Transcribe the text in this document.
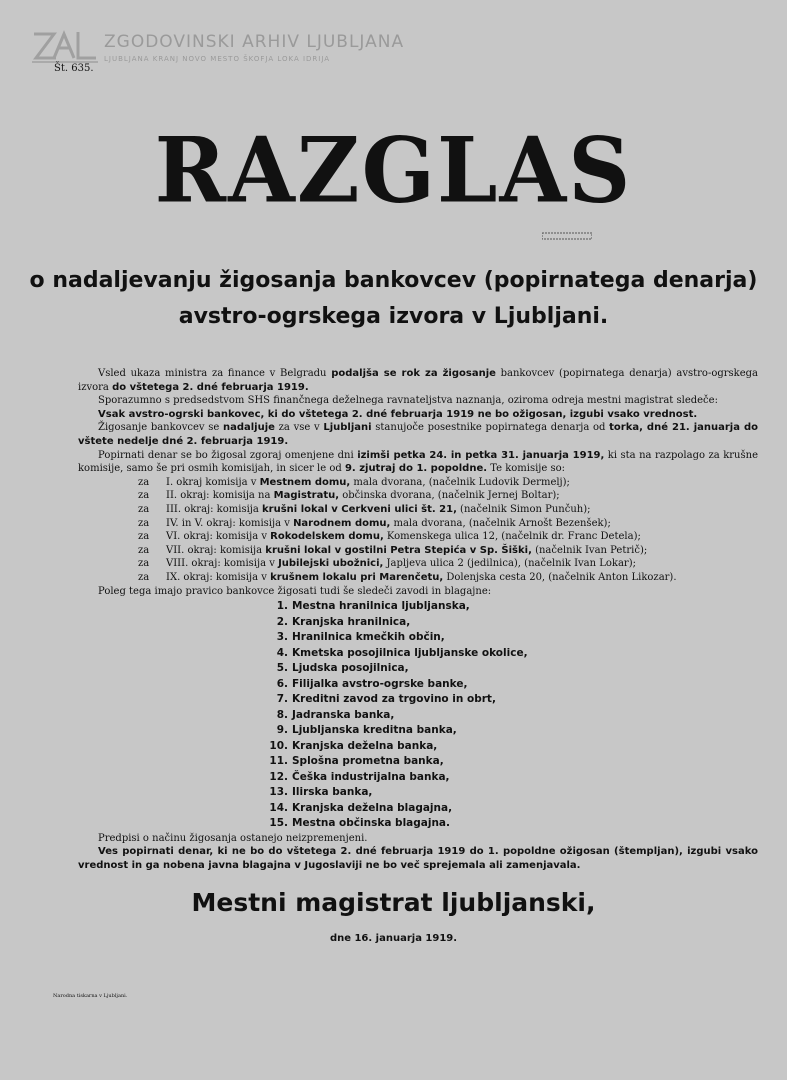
ZGODOVINSKI ARHIV LJUBLJANA
LJUBLJANA KRANJ NOVO MESTO ŠKOFJA LOKA IDRIJA
Št. 635.
RAZGLAS
o nadaljevanju žigosanja bankovcev (popirnatega denarja)
avstro-ogrskega izvora v Ljubljani.

Vsled ukaza ministra za finance v Belgradu podaljša se rok za žigosanje bankovcev (popirnatega denarja) avstro-ogrskega izvora do vštetega 2. dné februarja 1919.

Sporazumno s predsedstvom SHS finančnega deželnega ravnateljstva naznanja, oziroma odreja mestni magistrat sledeče:

Vsak avstro-ogrski bankovec, ki do vštetega 2. dné februarja 1919 ne bo ožigosan, izgubi vsako vrednost.

Žigosanje bankovcev se nadaljuje za vse v Ljubljani stanujoče posestnike popirnatega denarja od torka, dné 21. januarja do vštete nedelje dné 2. februarja 1919.

Popirnati denar se bo žigosal zgoraj omenjene dni izimši petka 24. in petka 31. januarja 1919, ki sta na razpolago za krušne komisije, samo še pri osmih komisijah, in sicer le od 9. zjutraj do 1. popoldne. Te komisije so:

za I. okraj komisija v Mestnem domu, mala dvorana, (načelnik Ludovik Dermelj);
za II. okraj: komisija na Magistratu, občinska dvorana, (načelnik Jernej Boltar);
za III. okraj: komisija krušni lokal v Cerkveni ulici št. 21, (načelnik Simon Punčuh);
za IV. in V. okraj: komisija v Narodnem domu, mala dvorana, (načelnik Arnošt Bezenšek);
za VI. okraj: komisija v Rokodelskem domu, Komenskega ulica 12, (načelnik dr. Franc Detela);
za VII. okraj: komisija krušni lokal v gostilni Petra Stepića v Sp. Šiški, (načelnik Ivan Petrič);
za VIII. okraj: komisija v Jubilejski ubožnici, Japljeva ulica 2 (jedilnica), (načelnik Ivan Lokar);
za IX. okraj: komisija v krušnem lokalu pri Marenčetu, Dolenjska cesta 20, (načelnik Anton Likozar).

Poleg tega imajo pravico bankovce žigosati tudi še sledeči zavodi in blagajne:

1. Mestna hranilnica ljubljanska,
2. Kranjska hranilnica,
3. Hranilnica kmečkih občin,
4. Kmetska posojilnica ljubljanske okolice,
5. Ljudska posojilnica,
6. Filijalka avstro-ogrske banke,
7. Kreditni zavod za trgovino in obrt,
8. Jadranska banka,
9. Ljubljanska kreditna banka,
10. Kranjska deželna banka,
11. Splošna prometna banka,
12. Češka industrijalna banka,
13. Ilirska banka,
14. Kranjska deželna blagajna,
15. Mestna občinska blagajna.

Predpisi o načinu žigosanja ostanejo neizpremenjeni.

Ves popirnati denar, ki ne bo do vštetega 2. dné februarja 1919 do 1. popoldne ožigosan (štempljan), izgubi vsako vrednost in ga nobena javna blagajna v Jugoslaviji ne bo več sprejemala ali zamenjavala.

Mestni magistrat ljubljanski,
dne 16. januarja 1919.
Narodna tiskarna v Ljubljani.
